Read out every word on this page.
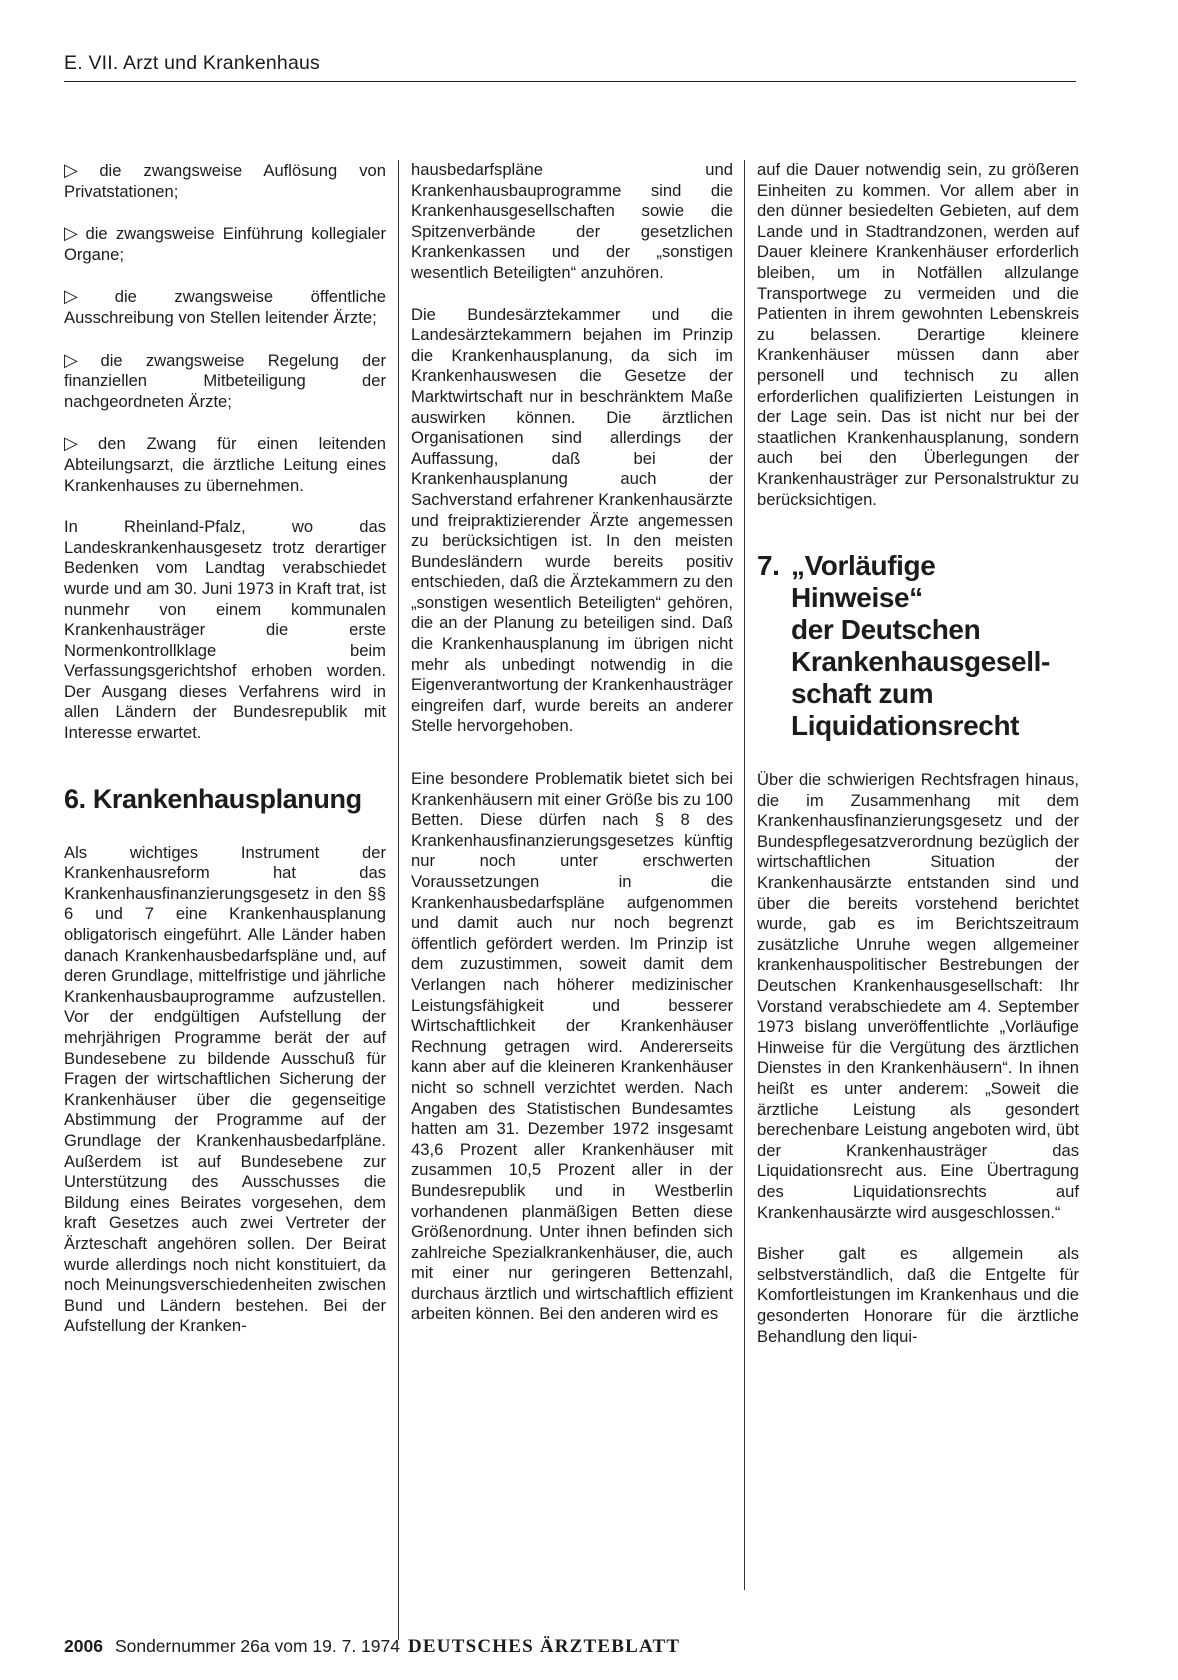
E. VII. Arzt und Krankenhaus

▷ die zwangsweise Auflösung von Privatstationen;

▷ die zwangsweise Einführung kollegialer Organe;

▷ die zwangsweise öffentliche Ausschreibung von Stellen leitender Ärzte;

▷ die zwangsweise Regelung der finanziellen Mitbeteiligung der nachgeordneten Ärzte;

▷ den Zwang für einen leitenden Abteilungsarzt, die ärztliche Leitung eines Krankenhauses zu übernehmen.

In Rheinland-Pfalz, wo das Landeskrankenhausgesetz trotz derartiger Bedenken vom Landtag verabschiedet wurde und am 30. Juni 1973 in Kraft trat, ist nunmehr von einem kommunalen Krankenhausträger die erste Normenkontrollklage beim Verfassungsgerichtshof erhoben worden. Der Ausgang dieses Verfahrens wird in allen Ländern der Bundesrepublik mit Interesse erwartet.

6. Krankenhausplanung

Als wichtiges Instrument der Krankenhausreform hat das Krankenhausfinanzierungsgesetz in den §§ 6 und 7 eine Krankenhausplanung obligatorisch eingeführt. Alle Länder haben danach Krankenhausbedarfspläne und, auf deren Grundlage, mittelfristige und jährliche Krankenhausbauprogramme aufzustellen. Vor der endgültigen Aufstellung der mehrjährigen Programme berät der auf Bundesebene zu bildende Ausschuß für Fragen der wirtschaftlichen Sicherung der Krankenhäuser über die gegenseitige Abstimmung der Programme auf der Grundlage der Krankenhausbedarfpläne. Außerdem ist auf Bundesebene zur Unterstützung des Ausschusses die Bildung eines Beirates vorgesehen, dem kraft Gesetzes auch zwei Vertreter der Ärzteschaft angehören sollen. Der Beirat wurde allerdings noch nicht konstituiert, da noch Meinungsverschiedenheiten zwischen Bund und Ländern bestehen. Bei der Aufstellung der Kranken-

hausbedarfspläne und Krankenhausbauprogramme sind die Krankenhausgesellschaften sowie die Spitzenverbände der gesetzlichen Krankenkassen und der „sonstigen wesentlich Beteiligten“ anzuhören.

Die Bundesärztekammer und die Landesärztekammern bejahen im Prinzip die Krankenhausplanung, da sich im Krankenhauswesen die Gesetze der Marktwirtschaft nur in beschränktem Maße auswirken können. Die ärztlichen Organisationen sind allerdings der Auffassung, daß bei der Krankenhausplanung auch der Sachverstand erfahrener Krankenhausärzte und freipraktizierender Ärzte angemessen zu berücksichtigen ist. In den meisten Bundesländern wurde bereits positiv entschieden, daß die Ärztekammern zu den „sonstigen wesentlich Beteiligten“ gehören, die an der Planung zu beteiligen sind. Daß die Krankenhausplanung im übrigen nicht mehr als unbedingt notwendig in die Eigenverantwortung der Krankenhausträger eingreifen darf, wurde bereits an anderer Stelle hervorgehoben.

Eine besondere Problematik bietet sich bei Krankenhäusern mit einer Größe bis zu 100 Betten. Diese dürfen nach § 8 des Krankenhausfinanzierungsgesetzes künftig nur noch unter erschwerten Voraussetzungen in die Krankenhausbedarfspläne aufgenommen und damit auch nur noch begrenzt öffentlich gefördert werden. Im Prinzip ist dem zuzustimmen, soweit damit dem Verlangen nach höherer medizinischer Leistungsfähigkeit und besserer Wirtschaftlichkeit der Krankenhäuser Rechnung getragen wird. Andererseits kann aber auf die kleineren Krankenhäuser nicht so schnell verzichtet werden. Nach Angaben des Statistischen Bundesamtes hatten am 31. Dezember 1972 insgesamt 43,6 Prozent aller Krankenhäuser mit zusammen 10,5 Prozent aller in der Bundesrepublik und in Westberlin vorhandenen planmäßigen Betten diese Größenordnung. Unter ihnen befinden sich zahlreiche Spezialkrankenhäuser, die, auch mit einer nur geringeren Bettenzahl, durchaus ärztlich und wirtschaftlich effizient arbeiten können. Bei den anderen wird es

auf die Dauer notwendig sein, zu größeren Einheiten zu kommen. Vor allem aber in den dünner besiedelten Gebieten, auf dem Lande und in Stadtrandzonen, werden auf Dauer kleinere Krankenhäuser erforderlich bleiben, um in Notfällen allzulange Transportwege zu vermeiden und die Patienten in ihrem gewohnten Lebenskreis zu belassen. Derartige kleinere Krankenhäuser müssen dann aber personell und technisch zu allen erforderlichen qualifizierten Leistungen in der Lage sein. Das ist nicht nur bei der staatlichen Krankenhausplanung, sondern auch bei den Überlegungen der Krankenhausträger zur Personalstruktur zu berücksichtigen.

7. „Vorläufige
Hinweise“
der Deutschen
Krankenhausgesell-
schaft zum
Liquidationsrecht

Über die schwierigen Rechtsfragen hinaus, die im Zusammenhang mit dem Krankenhausfinanzierungsgesetz und der Bundespflegesatzverordnung bezüglich der wirtschaftlichen Situation der Krankenhausärzte entstanden sind und über die bereits vorstehend berichtet wurde, gab es im Berichtszeitraum zusätzliche Unruhe wegen allgemeiner krankenhauspolitischer Bestrebungen der Deutschen Krankenhausgesellschaft: Ihr Vorstand verabschiedete am 4. September 1973 bislang unveröffentlichte „Vorläufige Hinweise für die Vergütung des ärztlichen Dienstes in den Krankenhäusern“. In ihnen heißt es unter anderem: „Soweit die ärztliche Leistung als gesondert berechenbare Leistung angeboten wird, übt der Krankenhausträger das Liquidationsrecht aus. Eine Übertragung des Liquidationsrechts auf Krankenhausärzte wird ausgeschlossen.“

Bisher galt es allgemein als selbstverständlich, daß die Entgelte für Komfortleistungen im Krankenhaus und die gesonderten Honorare für die ärztliche Behandlung den liqui-

2006 Sondernummer 26a vom 19. 7. 1974 DEUTSCHES ÄRZTEBLATT
